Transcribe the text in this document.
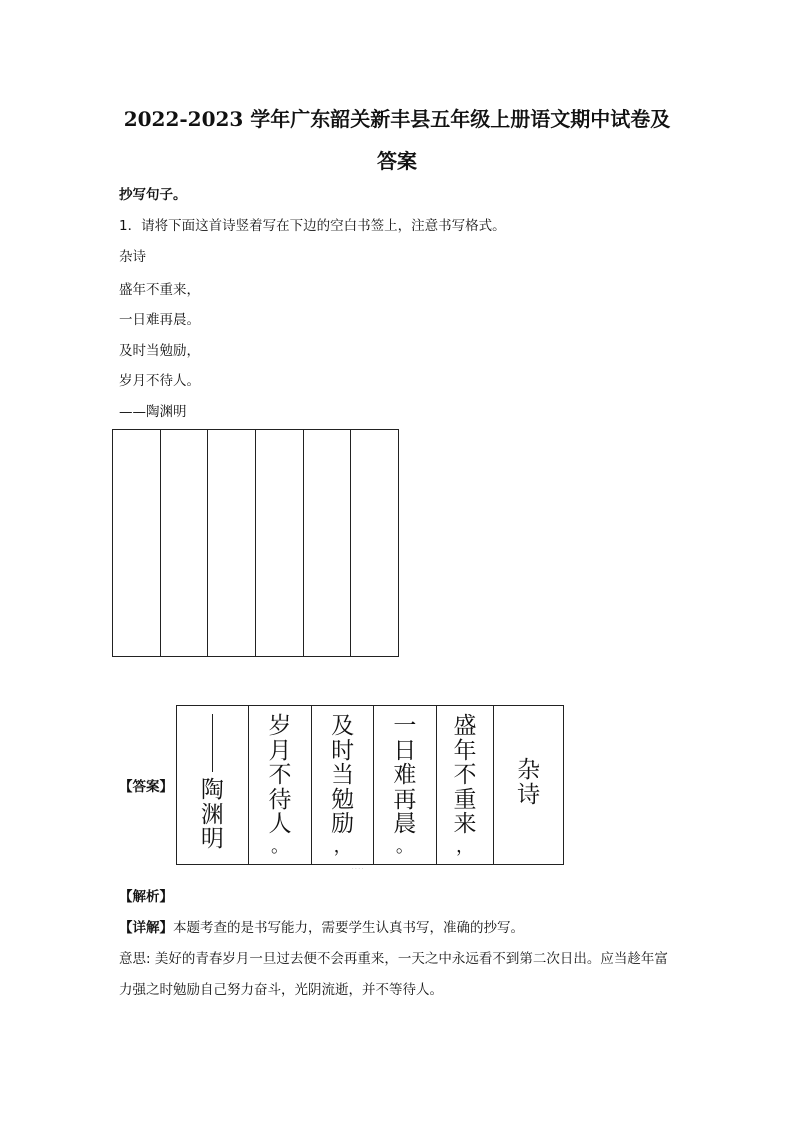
2022-2023 学年广东韶关新丰县五年级上册语文期中试卷及
答案
抄写句子。
1．请将下面这首诗竖着写在下边的空白书签上，注意书写格式。
杂诗
盛年不重来，
一日难再晨。
及时当勉励，
岁月不待人。
——陶渊明
【答案】 陶
渊
明
岁
月
不
待
人
。
及
时
当
勉
励
，
一
日
难
再
晨
。
盛
年
不
重
来
，
杂
诗
· · · ·
【解析】
【详解】本题考查的是书写能力，需要学生认真书写，准确的抄写。
意思: 美好的青春岁月一旦过去便不会再重来，一天之中永远看不到第二次日出。应当趁年富力强之时勉励自己努力奋斗，光阴流逝，并不等待人。
